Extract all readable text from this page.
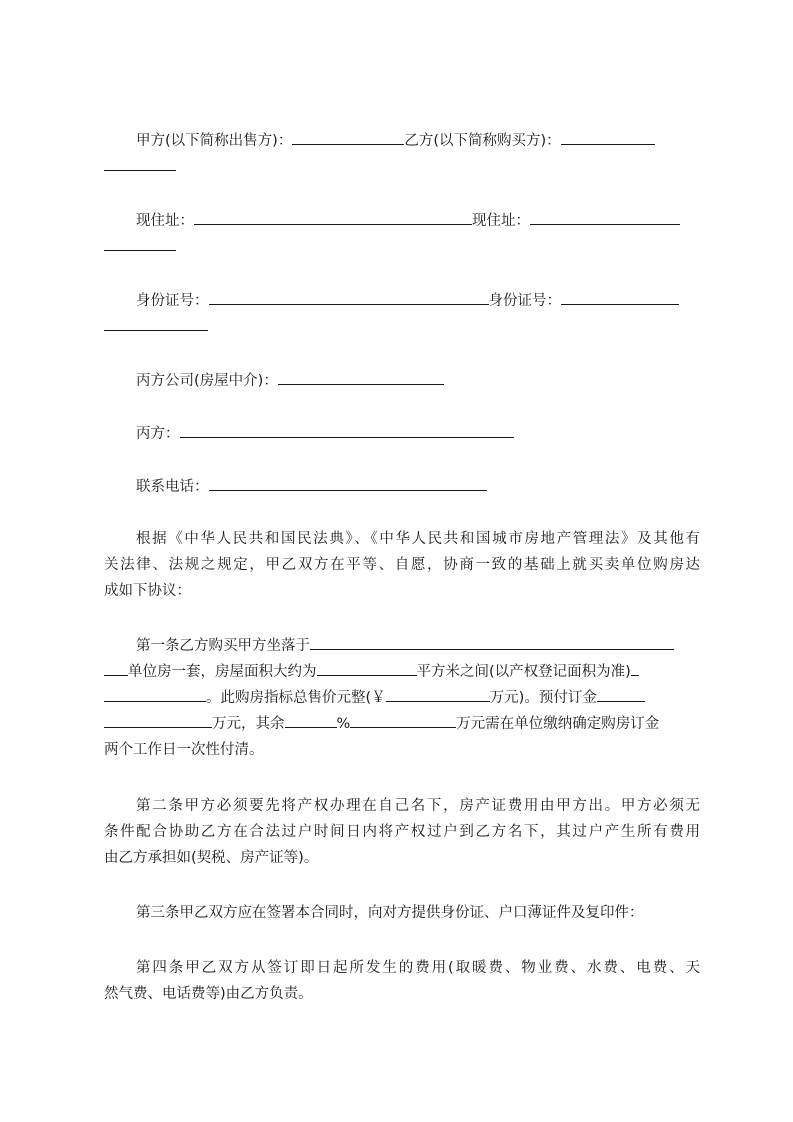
甲方(以下简称出售方)：	乙方(以下简称购买方)：
现住址：	现住址：
身份证号：	身份证号：
丙方公司(房屋中介)：
丙方：
联系电话：
根据《中华人民共和国民法典》、《中华人民共和国城市房地产管理法》及其他有
关法律、法规之规定，甲乙双方在平等、自愿，协商一致的基础上就买卖单位购房达
成如下协议：
第一条乙方购买甲方坐落于
单位房一套，房屋面积大约为	平方米之间(以产权登记面积为准)
。此购房指标总售价元整(￥	万元)。预付订金
万元，其余	%	万元需在单位缴纳确定购房订金
两个工作日一次性付清。
第二条甲方必须要先将产权办理在自己名下，房产证费用由甲方出。甲方必须无
条件配合协助乙方在合法过户时间日内将产权过户到乙方名下，其过户产生所有费用
由乙方承担如(契税、房产证等)。
第三条甲乙双方应在签署本合同时，向对方提供身份证、户口薄证件及复印件：
第四条甲乙双方从签订即日起所发生的费用(取暖费、物业费、水费、电费、天
然气费、电话费等)由乙方负责。
